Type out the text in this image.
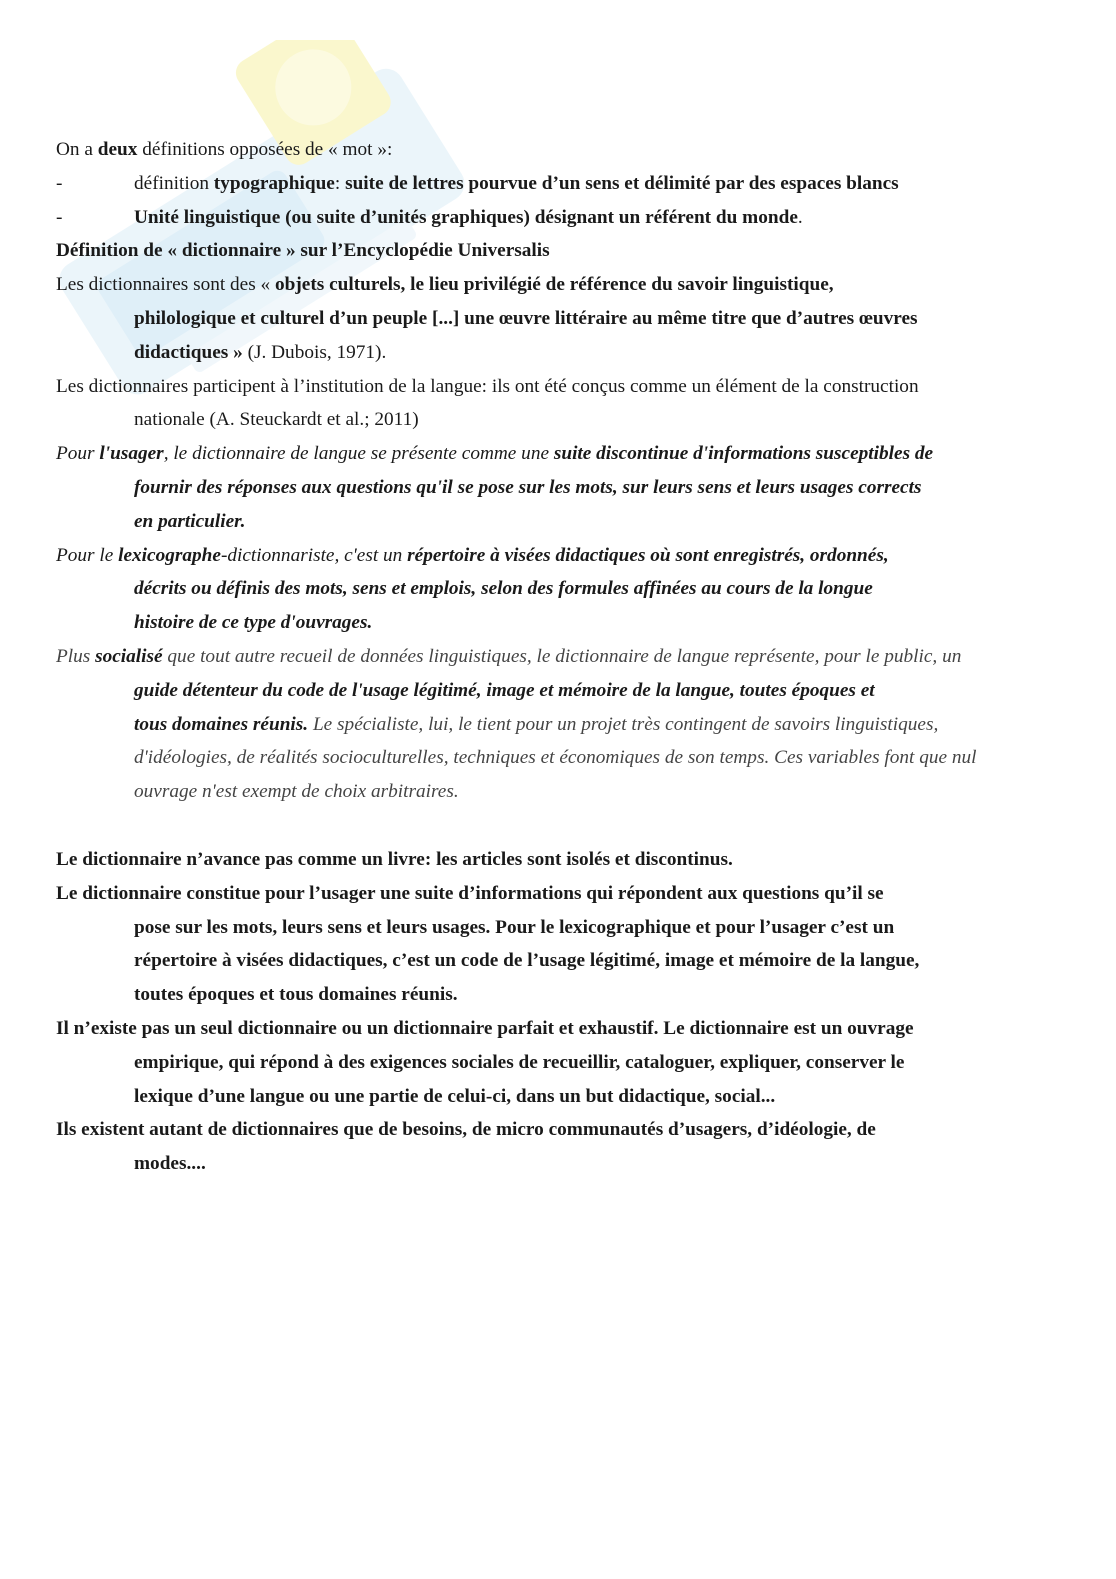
On a deux définitions opposées de « mot »:
-	définition typographique: suite de lettres pourvue d’un sens et délimité par des espaces blancs
-	Unité linguistique (ou suite d’unités graphiques) désignant un référent du monde.
Définition de « dictionnaire » sur l’Encyclopédie Universalis
Les dictionnaires sont des « objets culturels, le lieu privilégié de référence du savoir linguistique,
philologique et culturel d’un peuple [...] une œuvre littéraire au même titre que d’autres œuvres
didactiques » (J. Dubois, 1971).
Les dictionnaires participent à l’institution de la langue: ils ont été conçus comme un élément de la construction
nationale (A. Steuckardt et al.; 2011)
Pour l'usager, le dictionnaire de langue se présente comme une suite discontinue d'informations susceptibles de
fournir des réponses aux questions qu'il se pose sur les mots, sur leurs sens et leurs usages corrects
en particulier.
Pour le lexicographe-dictionnariste, c'est un répertoire à visées didactiques où sont enregistrés, ordonnés,
décrits ou définis des mots, sens et emplois, selon des formules affinées au cours de la longue
histoire de ce type d'ouvrages.
Plus socialisé que tout autre recueil de données linguistiques, le dictionnaire de langue représente, pour le public, un
guide détenteur du code de l'usage légitimé, image et mémoire de la langue, toutes époques et
tous domaines réunis. Le spécialiste, lui, le tient pour un projet très contingent de savoirs linguistiques,
d'idéologies, de réalités socioculturelles, techniques et économiques de son temps. Ces variables font que nul
ouvrage n'est exempt de choix arbitraires.
Le dictionnaire n’avance pas comme un livre: les articles sont isolés et discontinus.
Le dictionnaire constitue pour l’usager une suite d’informations qui répondent aux questions qu’il se
pose sur les mots, leurs sens et leurs usages. Pour le lexicographique et pour l’usager c’est un
répertoire à visées didactiques, c’est un code de l’usage légitimé, image et mémoire de la langue,
toutes époques et tous domaines réunis.
Il n’existe pas un seul dictionnaire ou un dictionnaire parfait et exhaustif. Le dictionnaire est un ouvrage
empirique, qui répond à des exigences sociales de recueillir, cataloguer, expliquer, conserver le
lexique d’une langue ou une partie de celui-ci, dans un but didactique, social...
Ils existent autant de dictionnaires que de besoins, de micro communautés d’usagers, d’idéologie, de
modes....
